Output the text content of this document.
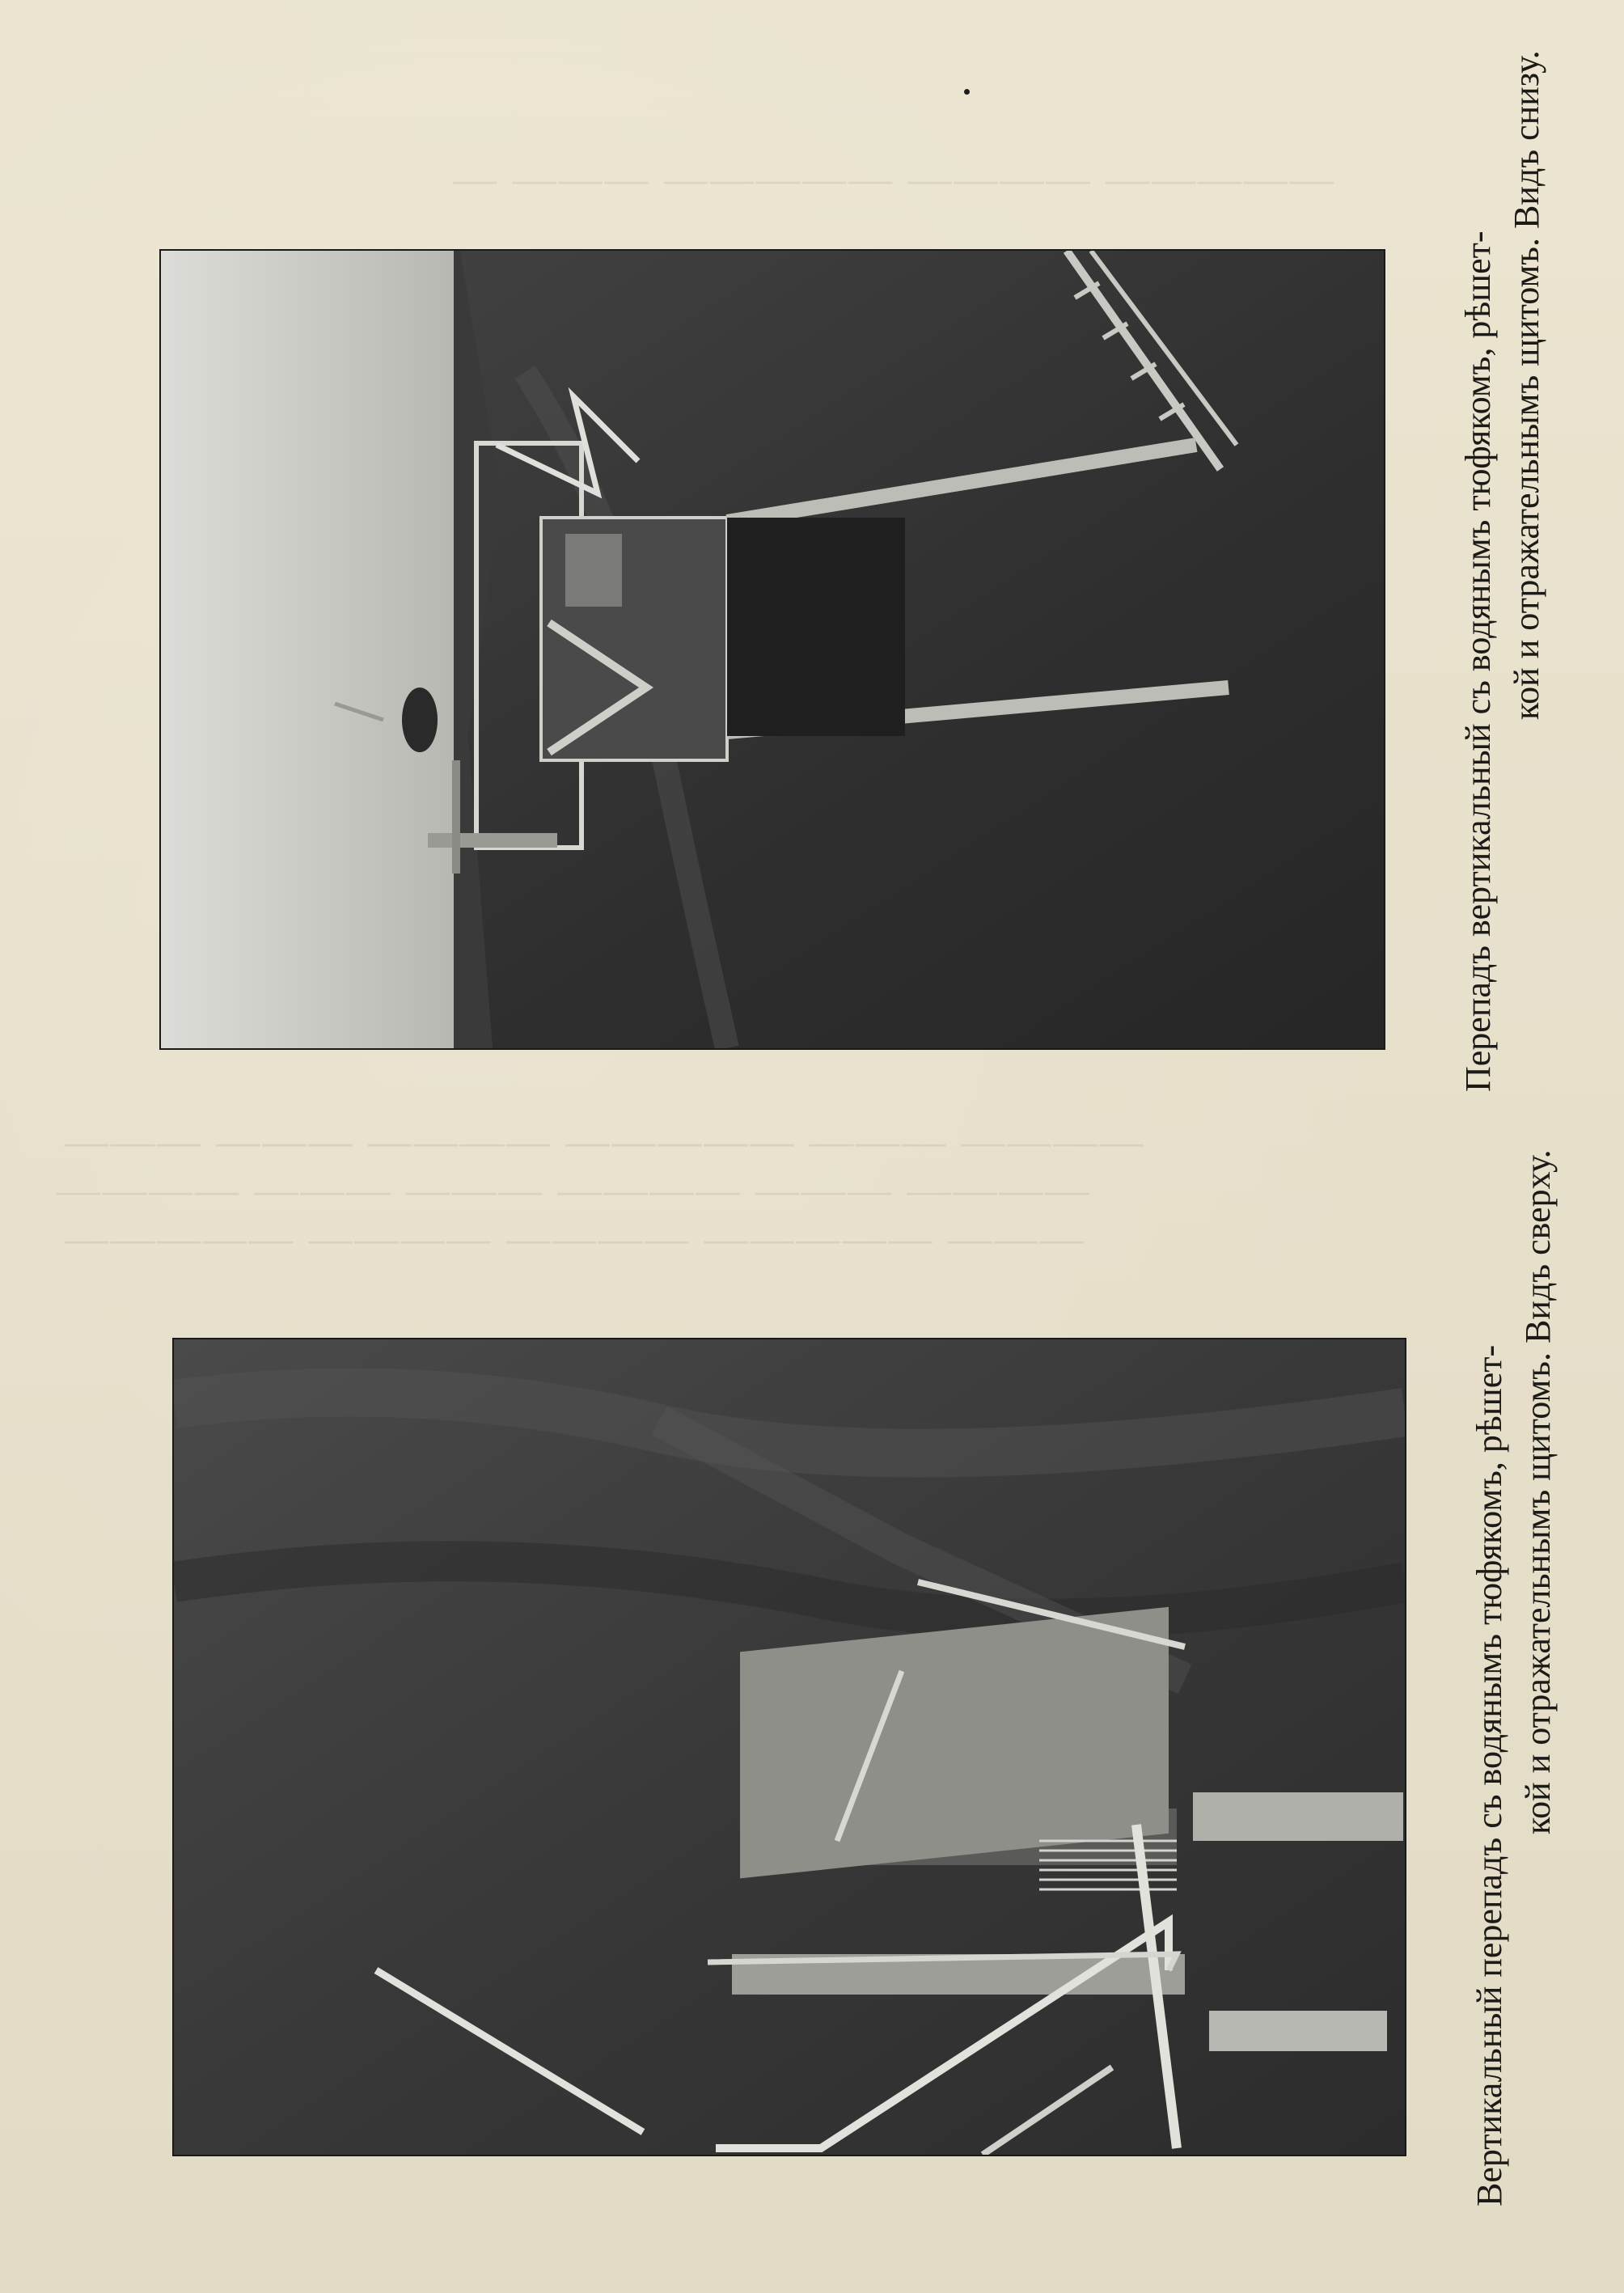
— ——— ————— ———— —————
——— ——— ———— ————— ——— ————
———— ——— ——— ———— ——— ————
————— ———— ———— ————— ———
Перепадъ вертикальный съ водянымъ тюфякомъ, рѣшет- кой и отражательнымъ щитомъ. Видъ снизу.
Вертикальный перепадъ съ водянымъ тюфякомъ, рѣшет- кой и отражательнымъ щитомъ. Видъ сверху.
